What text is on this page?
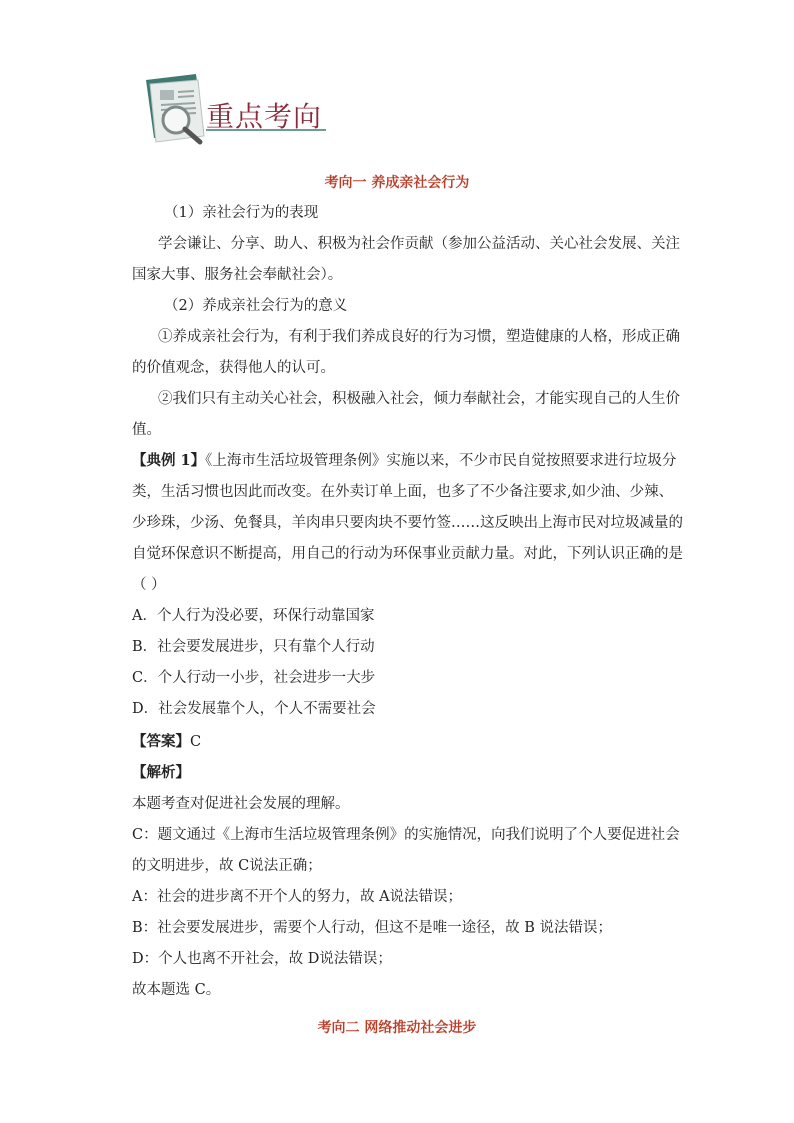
重点考向
考向一 养成亲社会行为
（1）亲社会行为的表现
学会谦让、分享、助人、积极为社会作贡献（参加公益活动、关心社会发展、关注
国家大事、服务社会奉献社会）。
（2）养成亲社会行为的意义
①养成亲社会行为，有利于我们养成良好的行为习惯，塑造健康的人格，形成正确
的价值观念，获得他人的认可。
②我们只有主动关心社会，积极融入社会，倾力奉献社会，才能实现自己的人生价
值。
【典例 1】《上海市生活垃圾管理条例》实施以来，不少市民自觉按照要求进行垃圾分
类，生活习惯也因此而改变。在外卖订单上面，也多了不少备注要求,如少油、少辣、
少珍珠，少汤、免餐具，羊肉串只要肉块不要竹签……这反映出上海市民对垃圾减量的
自觉环保意识不断提高，用自己的行动为环保事业贡献力量。对此，下列认识正确的是
（ ）
A．个人行为没必要，环保行动靠国家
B．社会要发展进步，只有靠个人行动
C．个人行动一小步，社会进步一大步
D．社会发展靠个人，个人不需要社会
【答案】C
【解析】
本题考查对促进社会发展的理解。
C：题文通过《上海市生活垃圾管理条例》的实施情况，向我们说明了个人要促进社会
的文明进步，故 C说法正确；
A：社会的进步离不开个人的努力，故 A说法错误；
B：社会要发展进步，需要个人行动，但这不是唯一途径，故 B 说法错误；
D：个人也离不开社会，故 D说法错误；
故本题选 C。
考向二 网络推动社会进步
